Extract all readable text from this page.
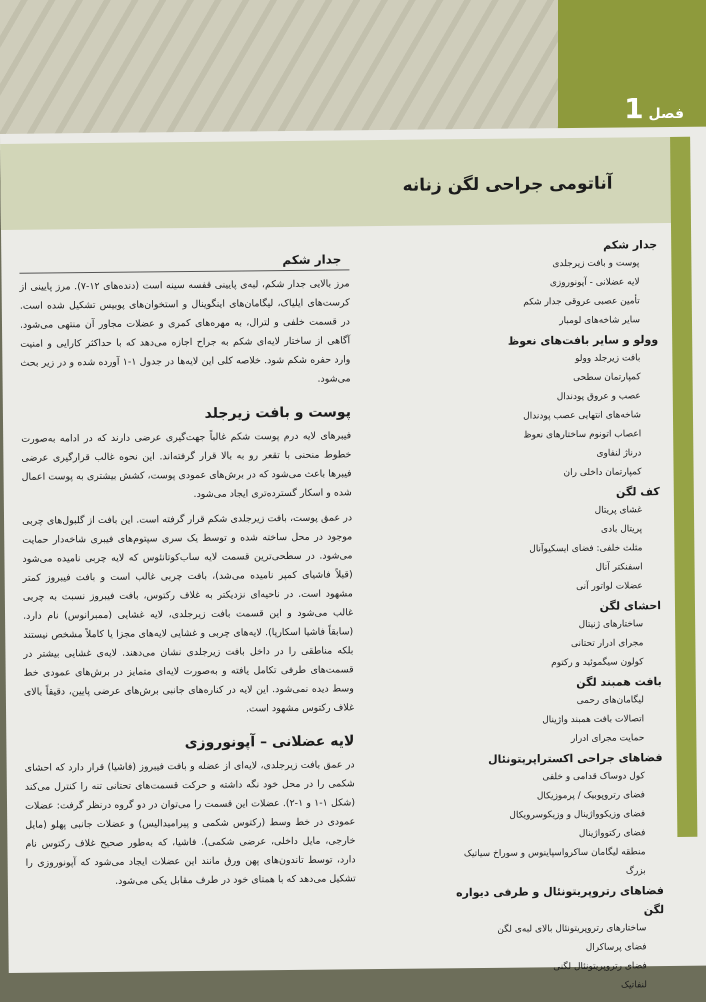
فصل 1
آناتومی جراحی لگن زنانه
جدار شکم
پوست و بافت زیرجلدی
لایه عضلانی - آپونوروزی
تأمین عصبی عروقی جدار شکم
سایر شاخه‌های لومبار
وولو و سایر بافت‌های نعوظ
بافت زیرجلد وولو
کمپارتمان سطحی
عصب و عروق پودندال
شاخه‌های انتهایی عصب پودندال
اعصاب اتونوم ساختارهای نعوظ
درناژ لنفاوی
کمپارتمان داخلی ران
کف لگن
غشای پریتال
پریتال بادی
مثلث خلفی: فضای ایسکیوآنال
اسفنکتر آنال
عضلات لواتور آنی
احشای لگن
ساختارهای ژنیتال
مجرای ادرار تحتانی
کولون سیگموئید و رکتوم
بافت همبند لگن
لیگامان‌های رحمی
اتصالات بافت همبند واژینال
حمایت مجرای ادرار
فضاهای جراحی اکستراپریتونئال
کول دوساک قدامی و خلفی
فضای رتروپوبیک / پرموزیکال
فضای وزیکوواژینال و وزیکوسرویکال
فضای رکتوواژینال
منطقه لیگامان ساکرواسپاینوس و سوراخ سیاتیک بزرگ
فضاهای رتروپریتونئال و طرفی دیواره لگن
ساختارهای رتروپریتونئال بالای لبه‌ی لگن
فضای پرساکرال
فضای رتروپریتونئال لگنی
لنفاتیک
جدار شکم

مرز بالایی جدار شکم، لبه‌ی پایینی قفسه سینه است (دنده‌های ۱۲-۷). مرز پایینی از کرست‌های ایلیاک، لیگامان‌های اینگوینال و استخوان‌های پوبیس تشکیل شده است. در قسمت خلفی و لترال، به مهره‌های کمری و عضلات مجاور آن منتهی می‌شود. آگاهی از ساختار لایه‌ای شکم به جراح اجازه می‌دهد که با حداکثر کارایی و امنیت وارد حفره شکم شود. خلاصه کلی این لایه‌ها در جدول ۱-۱ آورده شده و در زیر بحث می‌شود.

پوست و بافت زیرجلد

فیبرهای لایه درم پوست شکم غالباً جهت‌گیری عرضی دارند که در ادامه به‌صورت خطوط منحنی با تقعر رو به بالا قرار گرفته‌اند. این نحوه غالب قرارگیری عرضی فیبرها باعث می‌شود که در برش‌های عمودی پوست، کشش بیشتری به پوست اعمال شده و اسکار گسترده‌تری ایجاد می‌شود.

در عمق پوست، بافت زیرجلدی شکم قرار گرفته است. این بافت از گلبول‌های چربی موجود در محل ساخته شده و توسط یک سری سپتوم‌های فیبری شاخه‌دار حمایت می‌شود. در سطحی‌ترین قسمت لایه ساب‌کوتانئوس که لایه چربی نامیده می‌شود (قبلاً فاشیای کمپر نامیده می‌شد)، بافت چربی غالب است و بافت فیبروز کمتر مشهود است. در ناحیه‌ای نزدیکتر به غلاف رکتوس، بافت فیبروز نسبت به چربی غالب می‌شود و این قسمت بافت زیرجلدی، لایه غشایی (ممبرانوس) نام دارد. (سابقاً فاشیا اسکارپا). لایه‌های چربی و غشایی لایه‌های مجزا یا کاملاً مشخص نیستند بلکه مناطقی را در داخل بافت زیرجلدی نشان می‌دهند. لایه‌ی غشایی بیشتر در قسمت‌های طرفی تکامل یافته و به‌صورت لایه‌ای متمایز در برش‌های عمودی خط وسط دیده نمی‌شود. این لایه در کناره‌های جانبی برش‌های عرضی پایین، دقیقاً بالای غلاف رکتوس مشهود است.

لایه عضلانی – آپونوروزی

در عمق بافت زیرجلدی، لایه‌ای از عضله و بافت فیبروز (فاشیا) قرار دارد که احشای شکمی را در محل خود نگه داشته و حرکت قسمت‌های تحتانی تنه را کنترل می‌کند (شکل ۱-۱ و ۱-۲). عضلات این قسمت را می‌توان در دو گروه درنظر گرفت: عضلات عمودی در خط وسط (رکتوس شکمی و پیرامیدالیس) و عضلات جانبی پهلو (مایل خارجی، مایل داخلی، عرضی شکمی). فاشیا، که به‌طور صحیح غلاف رکتوس نام دارد، توسط تاندون‌های پهن ورق مانند این عضلات ایجاد می‌شود که آپونوروزی را تشکیل می‌دهد که با همتای خود در طرف مقابل یکی می‌شود.
